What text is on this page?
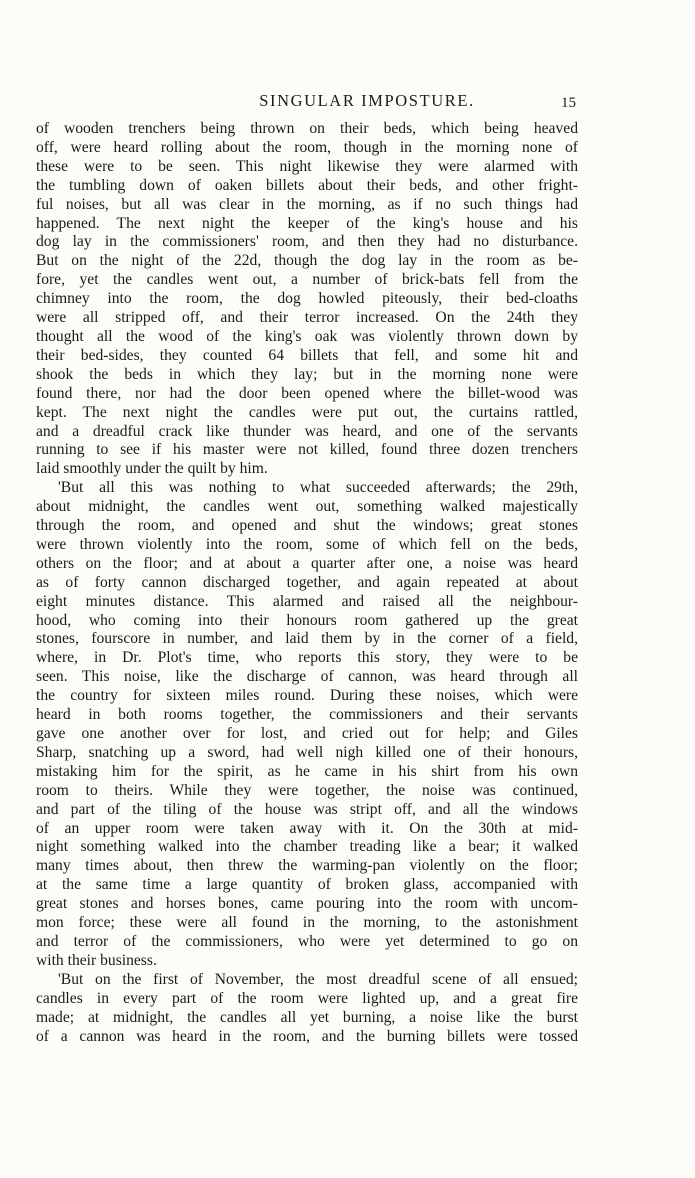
SINGULAR IMPOSTURE.	15

of wooden trenchers being thrown on their beds, which being heaved

off, were heard rolling about the room, though in the morning none of

these were to be seen. This night likewise they were alarmed with

the tumbling down of oaken billets about their beds, and other fright-

ful noises, but all was clear in the morning, as if no such things had

happened. The next night the keeper of the king's house and his

dog lay in the commissioners' room, and then they had no disturbance.

But on the night of the 22d, though the dog lay in the room as be-

fore, yet the candles went out, a number of brick-bats fell from the

chimney into the room, the dog howled piteously, their bed-cloaths

were all stripped off, and their terror increased. On the 24th they

thought all the wood of the king's oak was violently thrown down by

their bed-sides, they counted 64 billets that fell, and some hit and

shook the beds in which they lay; but in the morning none were

found there, nor had the door been opened where the billet-wood was

kept. The next night the candles were put out, the curtains rattled,

and a dreadful crack like thunder was heard, and one of the servants

running to see if his master were not killed, found three dozen trenchers

laid smoothly under the quilt by him.

'But all this was nothing to what succeeded afterwards; the 29th,

about midnight, the candles went out, something walked majestically

through the room, and opened and shut the windows; great stones

were thrown violently into the room, some of which fell on the beds,

others on the floor; and at about a quarter after one, a noise was heard

as of forty cannon discharged together, and again repeated at about

eight minutes distance. This alarmed and raised all the neighbour-

hood, who coming into their honours room gathered up the great

stones, fourscore in number, and laid them by in the corner of a field,

where, in Dr. Plot's time, who reports this story, they were to be

seen. This noise, like the discharge of cannon, was heard through all

the country for sixteen miles round. During these noises, which were

heard in both rooms together, the commissioners and their servants

gave one another over for lost, and cried out for help; and Giles

Sharp, snatching up a sword, had well nigh killed one of their honours,

mistaking him for the spirit, as he came in his shirt from his own

room to theirs. While they were together, the noise was continued,

and part of the tiling of the house was stript off, and all the windows

of an upper room were taken away with it. On the 30th at mid-

night something walked into the chamber treading like a bear; it walked

many times about, then threw the warming-pan violently on the floor;

at the same time a large quantity of broken glass, accompanied with

great stones and horses bones, came pouring into the room with uncom-

mon force; these were all found in the morning, to the astonishment

and terror of the commissioners, who were yet determined to go on

with their business.

'But on the first of November, the most dreadful scene of all ensued;

candles in every part of the room were lighted up, and a great fire

made; at midnight, the candles all yet burning, a noise like the burst

of a cannon was heard in the room, and the burning billets were tossed
